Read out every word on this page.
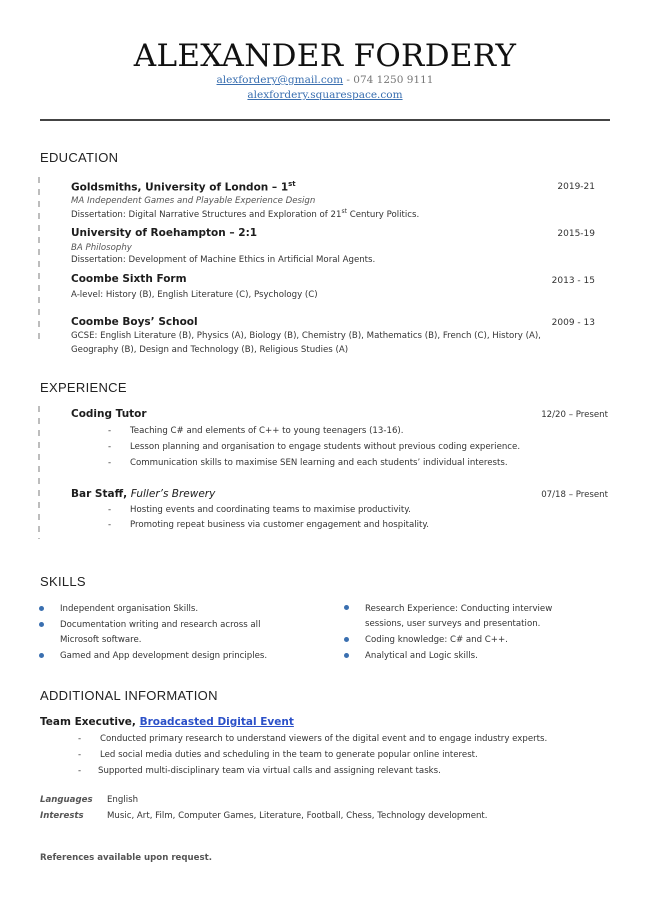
ALEXANDER FORDERY
alexfordery@gmail.com - 074 1250 9111
alexfordery.squarespace.com
EDUCATION
Goldsmiths, University of London – 1st	2019-21
MA Independent Games and Playable Experience Design
Dissertation: Digital Narrative Structures and Exploration of 21st Century Politics.
University of Roehampton – 2:1	2015-19
BA Philosophy
Dissertation: Development of Machine Ethics in Artificial Moral Agents.
Coombe Sixth Form	2013 - 15
A-level: History (B), English Literature (C), Psychology (C)
Coombe Boys’ School	2009 - 13
GCSE: English Literature (B), Physics (A), Biology (B), Chemistry (B), Mathematics (B), French (C), History (A),
Geography (B), Design and Technology (B), Religious Studies (A)
EXPERIENCE
Coding Tutor	12/20 – Present
- Teaching C# and elements of C++ to young teenagers (13-16).
- Lesson planning and organisation to engage students without previous coding experience.
- Communication skills to maximise SEN learning and each students’ individual interests.
Bar Staff, Fuller’s Brewery	07/18 – Present
- Hosting events and coordinating teams to maximise productivity.
- Promoting repeat business via customer engagement and hospitality.
SKILLS
Independent organisation Skills.
Documentation writing and research across all
Microsoft software.
Gamed and App development design principles.
Research Experience: Conducting interview
sessions, user surveys and presentation.
Coding knowledge: C# and C++.
Analytical and Logic skills.
ADDITIONAL INFORMATION
Team Executive, Broadcasted Digital Event
- Conducted primary research to understand viewers of the digital event and to engage industry experts.
- Led social media duties and scheduling in the team to generate popular online interest.
- Supported multi-disciplinary team via virtual calls and assigning relevant tasks.
Languages English
Interests	Music, Art, Film, Computer Games, Literature, Football, Chess, Technology development.
References available upon request.
